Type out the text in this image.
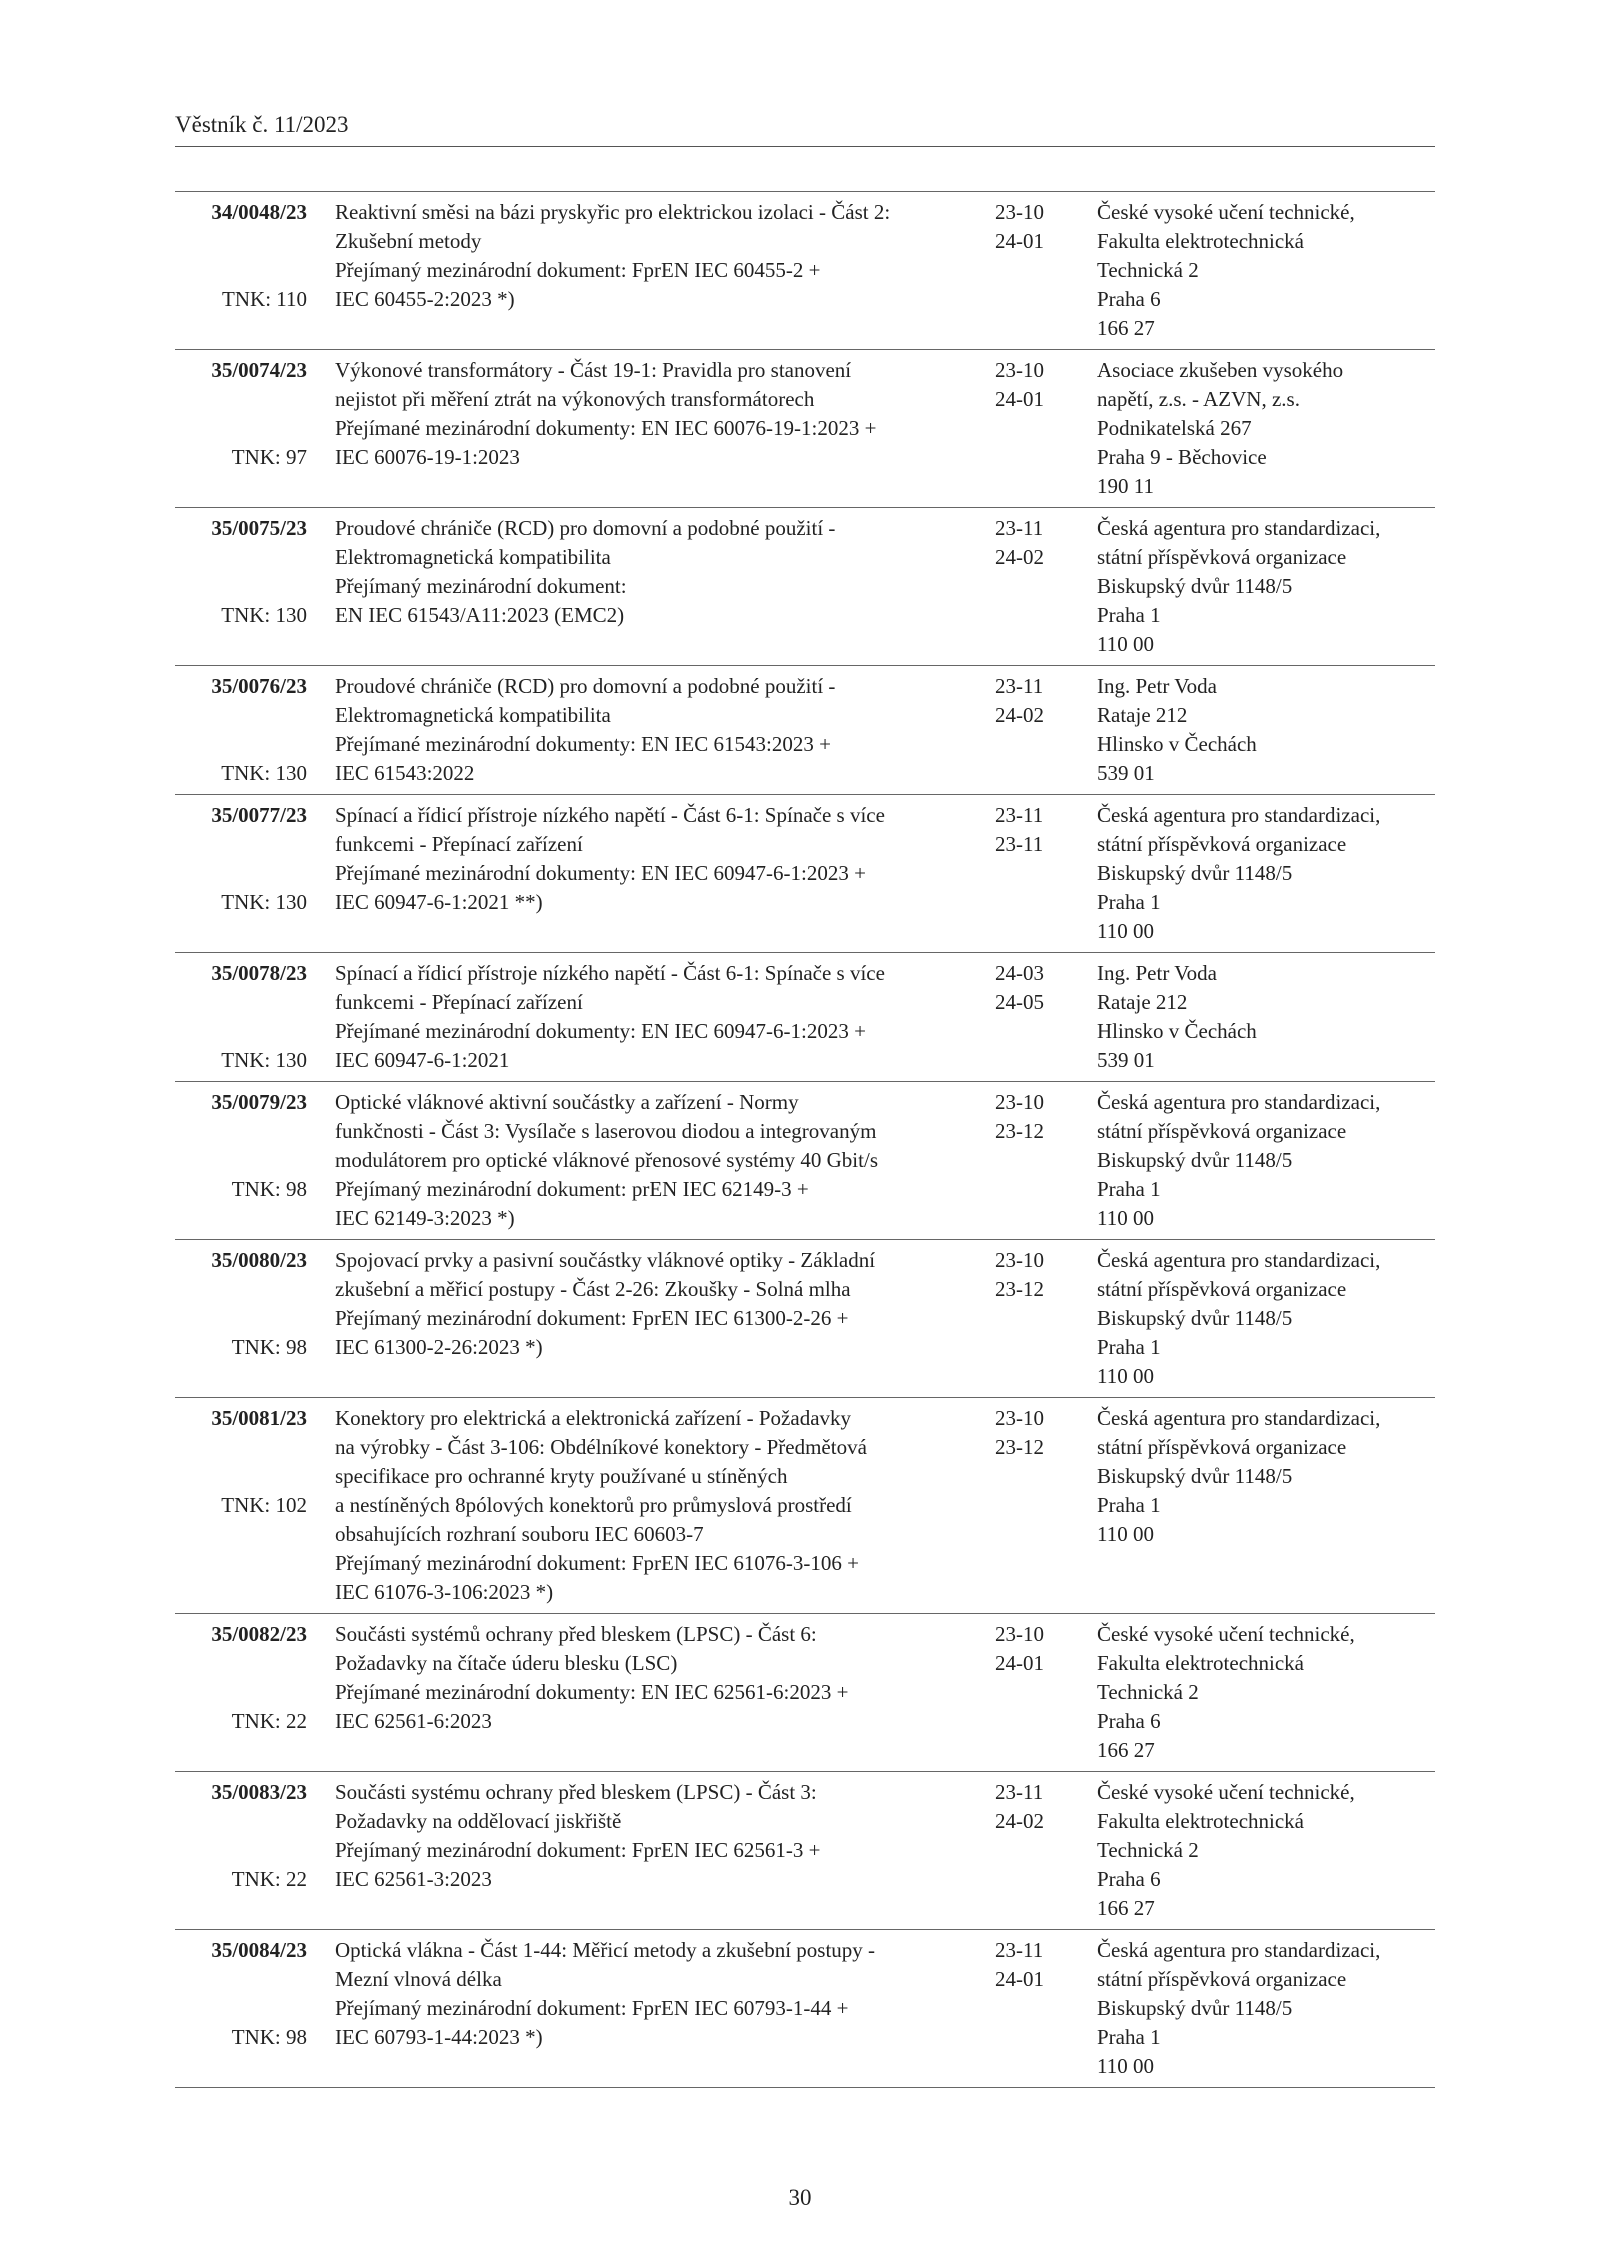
Věstník č. 11/2023
34/0048/23
TNK: 110
Reaktivní směsi na bázi pryskyřic pro elektrickou izolaci - Část 2:
Zkušební metody
Přejímaný mezinárodní dokument: FprEN IEC 60455-2 +
IEC 60455-2:2023 *)
23-10
24-01
České vysoké učení technické,
Fakulta elektrotechnická
Technická 2
Praha 6
166 27
35/0074/23
TNK: 97
Výkonové transformátory - Část 19-1: Pravidla pro stanovení
nejistot při měření ztrát na výkonových transformátorech
Přejímané mezinárodní dokumenty: EN IEC 60076-19-1:2023 +
IEC 60076-19-1:2023
23-10
24-01
Asociace zkušeben vysokého
napětí, z.s. - AZVN, z.s.
Podnikatelská 267
Praha 9 - Běchovice
190 11
35/0075/23
TNK: 130
Proudové chrániče (RCD) pro domovní a podobné použití -
Elektromagnetická kompatibilita
Přejímaný mezinárodní dokument:
EN IEC 61543/A11:2023 (EMC2)
23-11
24-02
Česká agentura pro standardizaci,
státní příspěvková organizace
Biskupský dvůr 1148/5
Praha 1
110 00
35/0076/23
TNK: 130
Proudové chrániče (RCD) pro domovní a podobné použití -
Elektromagnetická kompatibilita
Přejímané mezinárodní dokumenty: EN IEC 61543:2023 +
IEC 61543:2022
23-11
24-02
Ing. Petr Voda
Rataje 212
Hlinsko v Čechách
539 01
35/0077/23
TNK: 130
Spínací a řídicí přístroje nízkého napětí - Část 6-1: Spínače s více
funkcemi - Přepínací zařízení
Přejímané mezinárodní dokumenty: EN IEC 60947-6-1:2023 +
IEC 60947-6-1:2021 **)
23-11
23-11
Česká agentura pro standardizaci,
státní příspěvková organizace
Biskupský dvůr 1148/5
Praha 1
110 00
35/0078/23
TNK: 130
Spínací a řídicí přístroje nízkého napětí - Část 6-1: Spínače s více
funkcemi - Přepínací zařízení
Přejímané mezinárodní dokumenty: EN IEC 60947-6-1:2023 +
IEC 60947-6-1:2021
24-03
24-05
Ing. Petr Voda
Rataje 212
Hlinsko v Čechách
539 01
35/0079/23
TNK: 98
Optické vláknové aktivní součástky a zařízení - Normy
funkčnosti - Část 3: Vysílače s laserovou diodou a integrovaným
modulátorem pro optické vláknové přenosové systémy 40 Gbit/s
Přejímaný mezinárodní dokument: prEN IEC 62149-3 +
IEC 62149-3:2023 *)
23-10
23-12
Česká agentura pro standardizaci,
státní příspěvková organizace
Biskupský dvůr 1148/5
Praha 1
110 00
35/0080/23
TNK: 98
Spojovací prvky a pasivní součástky vláknové optiky - Základní
zkušební a měřicí postupy - Část 2-26: Zkoušky - Solná mlha
Přejímaný mezinárodní dokument: FprEN IEC 61300-2-26 +
IEC 61300-2-26:2023 *)
23-10
23-12
Česká agentura pro standardizaci,
státní příspěvková organizace
Biskupský dvůr 1148/5
Praha 1
110 00
35/0081/23
TNK: 102
Konektory pro elektrická a elektronická zařízení - Požadavky
na výrobky - Část 3-106: Obdélníkové konektory - Předmětová
specifikace pro ochranné kryty používané u stíněných
a nestíněných 8pólových konektorů pro průmyslová prostředí
obsahujících rozhraní souboru IEC 60603-7
Přejímaný mezinárodní dokument: FprEN IEC 61076-3-106 +
IEC 61076-3-106:2023 *)
23-10
23-12
Česká agentura pro standardizaci,
státní příspěvková organizace
Biskupský dvůr 1148/5
Praha 1
110 00
35/0082/23
TNK: 22
Součásti systémů ochrany před bleskem (LPSC) - Část 6:
Požadavky na čítače úderu blesku (LSC)
Přejímané mezinárodní dokumenty: EN IEC 62561-6:2023 +
IEC 62561-6:2023
23-10
24-01
České vysoké učení technické,
Fakulta elektrotechnická
Technická 2
Praha 6
166 27
35/0083/23
TNK: 22
Součásti systému ochrany před bleskem (LPSC) - Část 3:
Požadavky na oddělovací jiskřiště
Přejímaný mezinárodní dokument: FprEN IEC 62561-3 +
IEC 62561-3:2023
23-11
24-02
České vysoké učení technické,
Fakulta elektrotechnická
Technická 2
Praha 6
166 27
35/0084/23
TNK: 98
Optická vlákna - Část 1-44: Měřicí metody a zkušební postupy -
Mezní vlnová délka
Přejímaný mezinárodní dokument: FprEN IEC 60793-1-44 +
IEC 60793-1-44:2023 *)
23-11
24-01
Česká agentura pro standardizaci,
státní příspěvková organizace
Biskupský dvůr 1148/5
Praha 1
110 00
30
